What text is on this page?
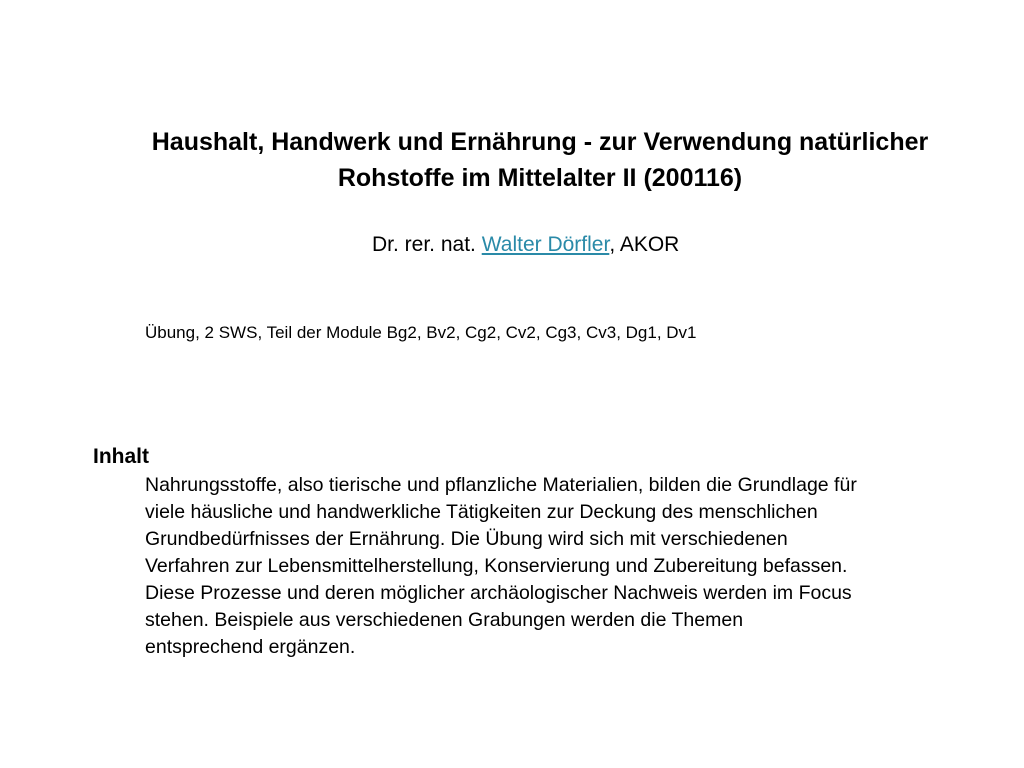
Haushalt, Handwerk und Ernährung - zur Verwendung natürlicher
Rohstoffe im Mittelalter II (200116)

Dr. rer. nat. Walter Dörfler, AKOR

Übung, 2 SWS, Teil der Module Bg2, Bv2, Cg2, Cv2, Cg3, Cv3, Dg1, Dv1

Inhalt

Nahrungsstoffe, also tierische und pflanzliche Materialien, bilden die Grundlage für
viele häusliche und handwerkliche Tätigkeiten zur Deckung des menschlichen
Grundbedürfnisses der Ernährung. Die Übung wird sich mit verschiedenen
Verfahren zur Lebensmittelherstellung, Konservierung und Zubereitung befassen.
Diese Prozesse und deren möglicher archäologischer Nachweis werden im Focus
stehen. Beispiele aus verschiedenen Grabungen werden die Themen
entsprechend ergänzen.
